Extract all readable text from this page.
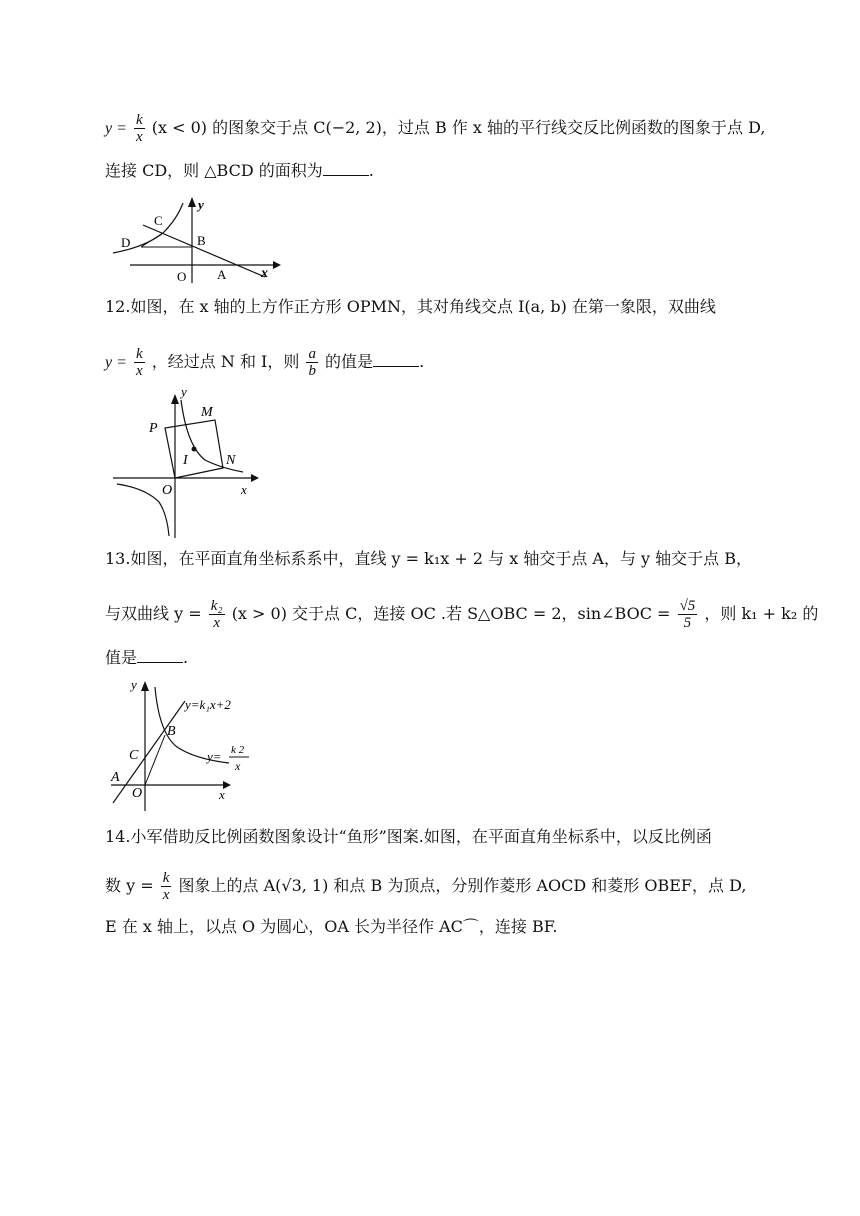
$y = \frac{k}{x} (x < 0)$ 的图象交于点 C(−2, 2)，过点 B 作 x 轴的平行线交反比例函数的图象于点 D,
连接 CD，则 △BCD 的面积为	.
C
y
D	B
O A x
12.如图，在 x 轴的上方作正方形 OPMN，其对角线交点 I(a, b) 在第一象限，双曲线
$y = \frac{k}{x}$ ，经过点 N 和 I，则 $\frac{a}{b}$ 的值是	.
y
M
P
I	N
O	x
13.如图，在平面直角坐标系系中，直线 y = k₁x + 2 与 x 轴交于点 A，与 y 轴交于点 B，
与双曲线 $y = \frac{\text{k₂}}{x} (x > 0)$ 交于点 C，连接 OC .若 S△OBC = 2，sin∠BOC = $\frac{√5}{5}$ ，则 k₁ + k₂ 的
值是	.
y
y=k₁x+2
B
C	y= k 2
x
A
O	x
14.小军借助反比例函数图象设计“鱼形”图案.如图，在平面直角坐标系中，以反比例函
数 $y = \frac{k}{x}$ 图象上的点 A(√3, 1) 和点 B 为顶点，分别作菱形 AOCD 和菱形 OBEF，点 D,
E 在 x 轴上，以点 O 为圆心，OA 长为半径作 AC⌒，连接 BF.
